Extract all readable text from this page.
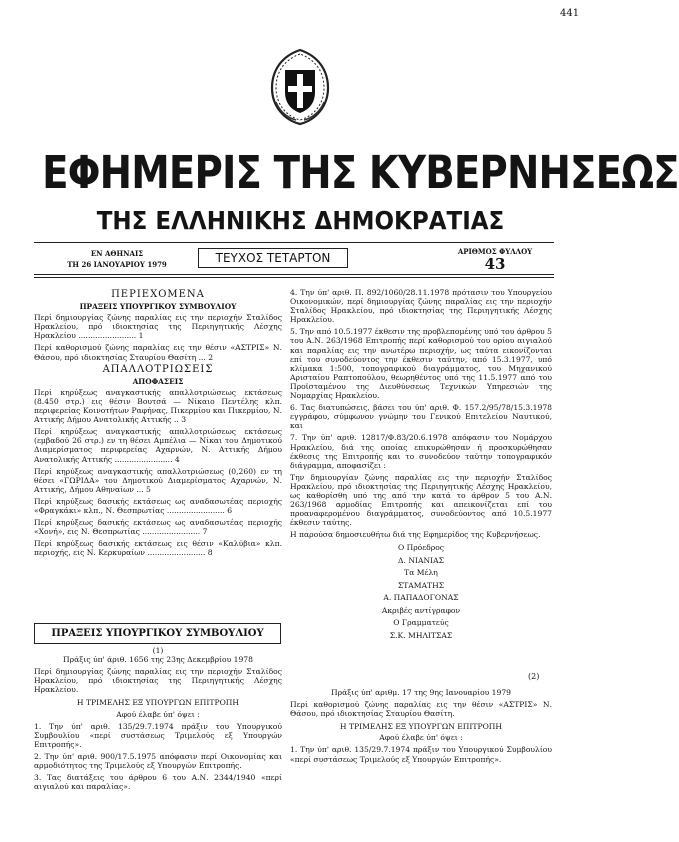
441
ΕΦΗΜΕΡΙΣ ΤΗΣ ΚΥΒΕΡΝΗΣΕΩΣ
ΤΗΣ ΕΛΛΗΝΙΚΗΣ ΔΗΜΟΚΡΑΤΙΑΣ
ΕΝ ΑΘΗΝΑΙΣ
ΤΗ 26 ΙΑΝΟΥΑΡΙΟΥ 1979	ΤΕΥΧΟΣ ΤΕΤΑΡΤΟΝ	ΑΡΙΘΜΟΣ ΦΥΛΛΟΥ
43
ΠΕΡΙΕΧΟΜΕΝΑ
ΠΡΑΞΕΙΣ ΥΠΟΥΡΓΙΚΟΥ ΣΥΜΒΟΥΛΙΟΥ

Περί δημιουργίας ζώνης παραλίας εις την περιοχήν Σταλίδος Ηρακλείου, πρό ιδιοκτησίας της Περιηγητικής Λέσχης Ηρακλείου ........................ 1

Περί καθορισμού ζώνης παραλίας εις την θέσιν «ΑΣΤΡΙΣ» Ν. Θάσου, πρό ιδιοκτησίας Σταυρίου Θασίτη ... 2

ΑΠΑΛΛΟΤΡΙΩΣΕΙΣ
ΑΠΟΦΑΣΕΙΣ

Περί κηρύξεως αναγκαστικής απαλλοτριώσεως εκτάσεως (8.450 στρ.) εις θέσιν Βουτσά — Νίκαιο Πεντέλης κλπ. περιφερείας Κοινοτήτων Ραφήνας, Πικερμίου και Πικερμίου, Ν. Αττικής Δήμου Ανατολικής Αττικής .. 3

Περί κηρύξεως αναγκαστικής απαλλοτριώσεως εκτάσεως (εμβαδού 26 στρ.) εν τη θέσει Αμπέλια — Νίκαι του Δημοτικού Διαμερίσματος περιφερείας Αχαρνών, Ν. Αττικής Δήμου Ανατολικής Αττικής ........................ 4

Περί κηρύξεως αναγκαστικής απαλλοτριώσεως (0,260) εν τη θέσει «ΓΩΡΙΔΑ» του Δημοτικού Διαμερίσματος Αχαρνών, Ν. Αττικής, Δήμου Αθηναίων ... 5

Περί κηρύξεως δασικής εκτάσεως ως αναδασωτέας περιοχής «Φραγκάκι» κλπ., Ν. Θεσπρωτίας ........................ 6

Περί κηρύξεως δασικής εκτάσεως ως αναδασωτέας περιοχής «Χονή», εις Ν. Θεσπρωτίας ........................ 7

Περί κηρύξεως δασικής εκτάσεως εις θέσιν «Καλύβια» κλπ. περιοχής, εις Ν. Κερκυραίων ........................ 8

ΠΡΑΞΕΙΣ ΥΠΟΥΡΓΙΚΟΥ ΣΥΜΒΟΥΛΙΟΥ
(1)

Πράξις ύπ' άριθ. 1656 της 23ης Δεκεμβρίου 1978

Περί δημιουργίας ζώνης παραλίας εις την περιοχήν Σταλίδος Ηρακλείου, πρό ιδιοκτησίας της Περιηγητικής Λέσχης Ηρακλείου.

Η ΤΡΙΜΕΛΗΣ ΕΞ ΥΠΟΥΡΓΩΝ ΕΠΙΤΡΟΠΗ

Αφού έλαβε ύπ' όψει :

1. Την ύπ' αριθ. 135/29.7.1974 πράξιν του Υπουργικού Συμβουλίου «περί συστάσεως Τριμελούς εξ Υπουργών Επιτροπής».

2. Την ύπ' αριθ. 900/17.5.1975 απόφασιν περί Οικονομίας και αρμοδιότητος της Τριμελούς εξ Υπουργών Επιτροπής.

3. Τας διατάξεις του άρθρου 6 του Α.Ν. 2344/1940 «περί αιγιαλού και παραλίας».

4. Την ύπ' αριθ. Π. 892/1060/28.11.1978 πρότασιν του Υπουργείου Οικονομικών, περί δημιουργίας ζώνης παραλίας εις την περιοχήν Σταλίδος Ηρακλείου, πρό ιδιοκτησίας της Περιηγητικής Λέσχης Ηρακλείου.

5. Την από 10.5.1977 έκθεσιν της προβλεπομένης υπό του άρθρου 5 του Α.Ν. 263/1968 Επιτροπής περί καθορισμού του ορίου αιγιαλού και παραλίας εις την ανωτέρω περιοχήν, ως ταύτα εικονίζονται επί του συνοδεύοντος την έκθεσιν ταύτην, από 15.3.1977, υπό κλίμακα 1:500, τοπογραφικού διαγράμματος, του Μηχανικού Αρισταίου Ραπτοπούλου, θεωρηθέντος υπό της 11.5.1977 από του Προϊσταμένου της Διευθύνσεως Τεχνικών Υπηρεσιών της Νομαρχίας Ηρακλείου.

6. Τας διατυπώσεις, βάσει του ύπ' αριθ. Φ. 157.2/95/78/15.3.1978 εγγράφου, σύμφωνον γνώμην του Γενικού Επιτελείου Ναυτικού, και

7. Την ύπ' αριθ. 12817/Φ.83/20.6.1978 απόφασιν του Νομάρχου Ηρακλείου, διά της οποίας επικυρώθησαν ή προσκυρώθησαν έκθεσις της Επιτροπής και το συνοδεύον ταύτην τοπογραφικόν διάγραμμα, αποφασίζει :

Την δημιουργίαν ζώνης παραλίας εις την περιοχήν Σταλίδος Ηρακλείου, πρό ιδιοκτησίας της Περιηγητικής Λέσχης Ηρακλείου, ως καθορίσθη υπό της από την κατά το άρθρον 5 του Α.Ν. 263/1968 αρμοδίας Επιτροπής και απεικονίζεται επί του προαναφερομένου διαγράμματος, συνοδεύοντος από 10.5.1977 έκθεσιν ταύτης.

Η παρούσα δημοσιευθήτω διά της Εφημερίδος της Κυβερνήσεως.

Ο Πρόεδρος

Δ. ΝΙΑΝΙΑΣ

Τα Μέλη

ΣΤΑΜΑΤΗΣ

Α. ΠΑΠΑΔΟΓΟΝΑΣ

Ακριβές αντίγραφον

Ο Γραμματεύς

Σ.Κ. ΜΗΛΙΤΣΑΣ

(2)

Πράξις ύπ' αριθμ. 17 της 9ης Ιανουαρίου 1979

Περί καθορισμού ζώνης παραλίας εις την θέσιν «ΑΣΤΡΙΣ» Ν. Θάσου, πρό ιδιοκτησίας Σταυρίου Θασίτη.

Η ΤΡΙΜΕΛΗΣ ΕΞ ΥΠΟΥΡΓΩΝ ΕΠΙΤΡΟΠΗ

Αφού έλαβε ύπ' όψει :

1. Την ύπ' αριθ. 135/29.7.1974 πράξιν του Υπουργικού Συμβουλίου «περί συστάσεως Τριμελούς εξ Υπουργών Επιτροπής».
